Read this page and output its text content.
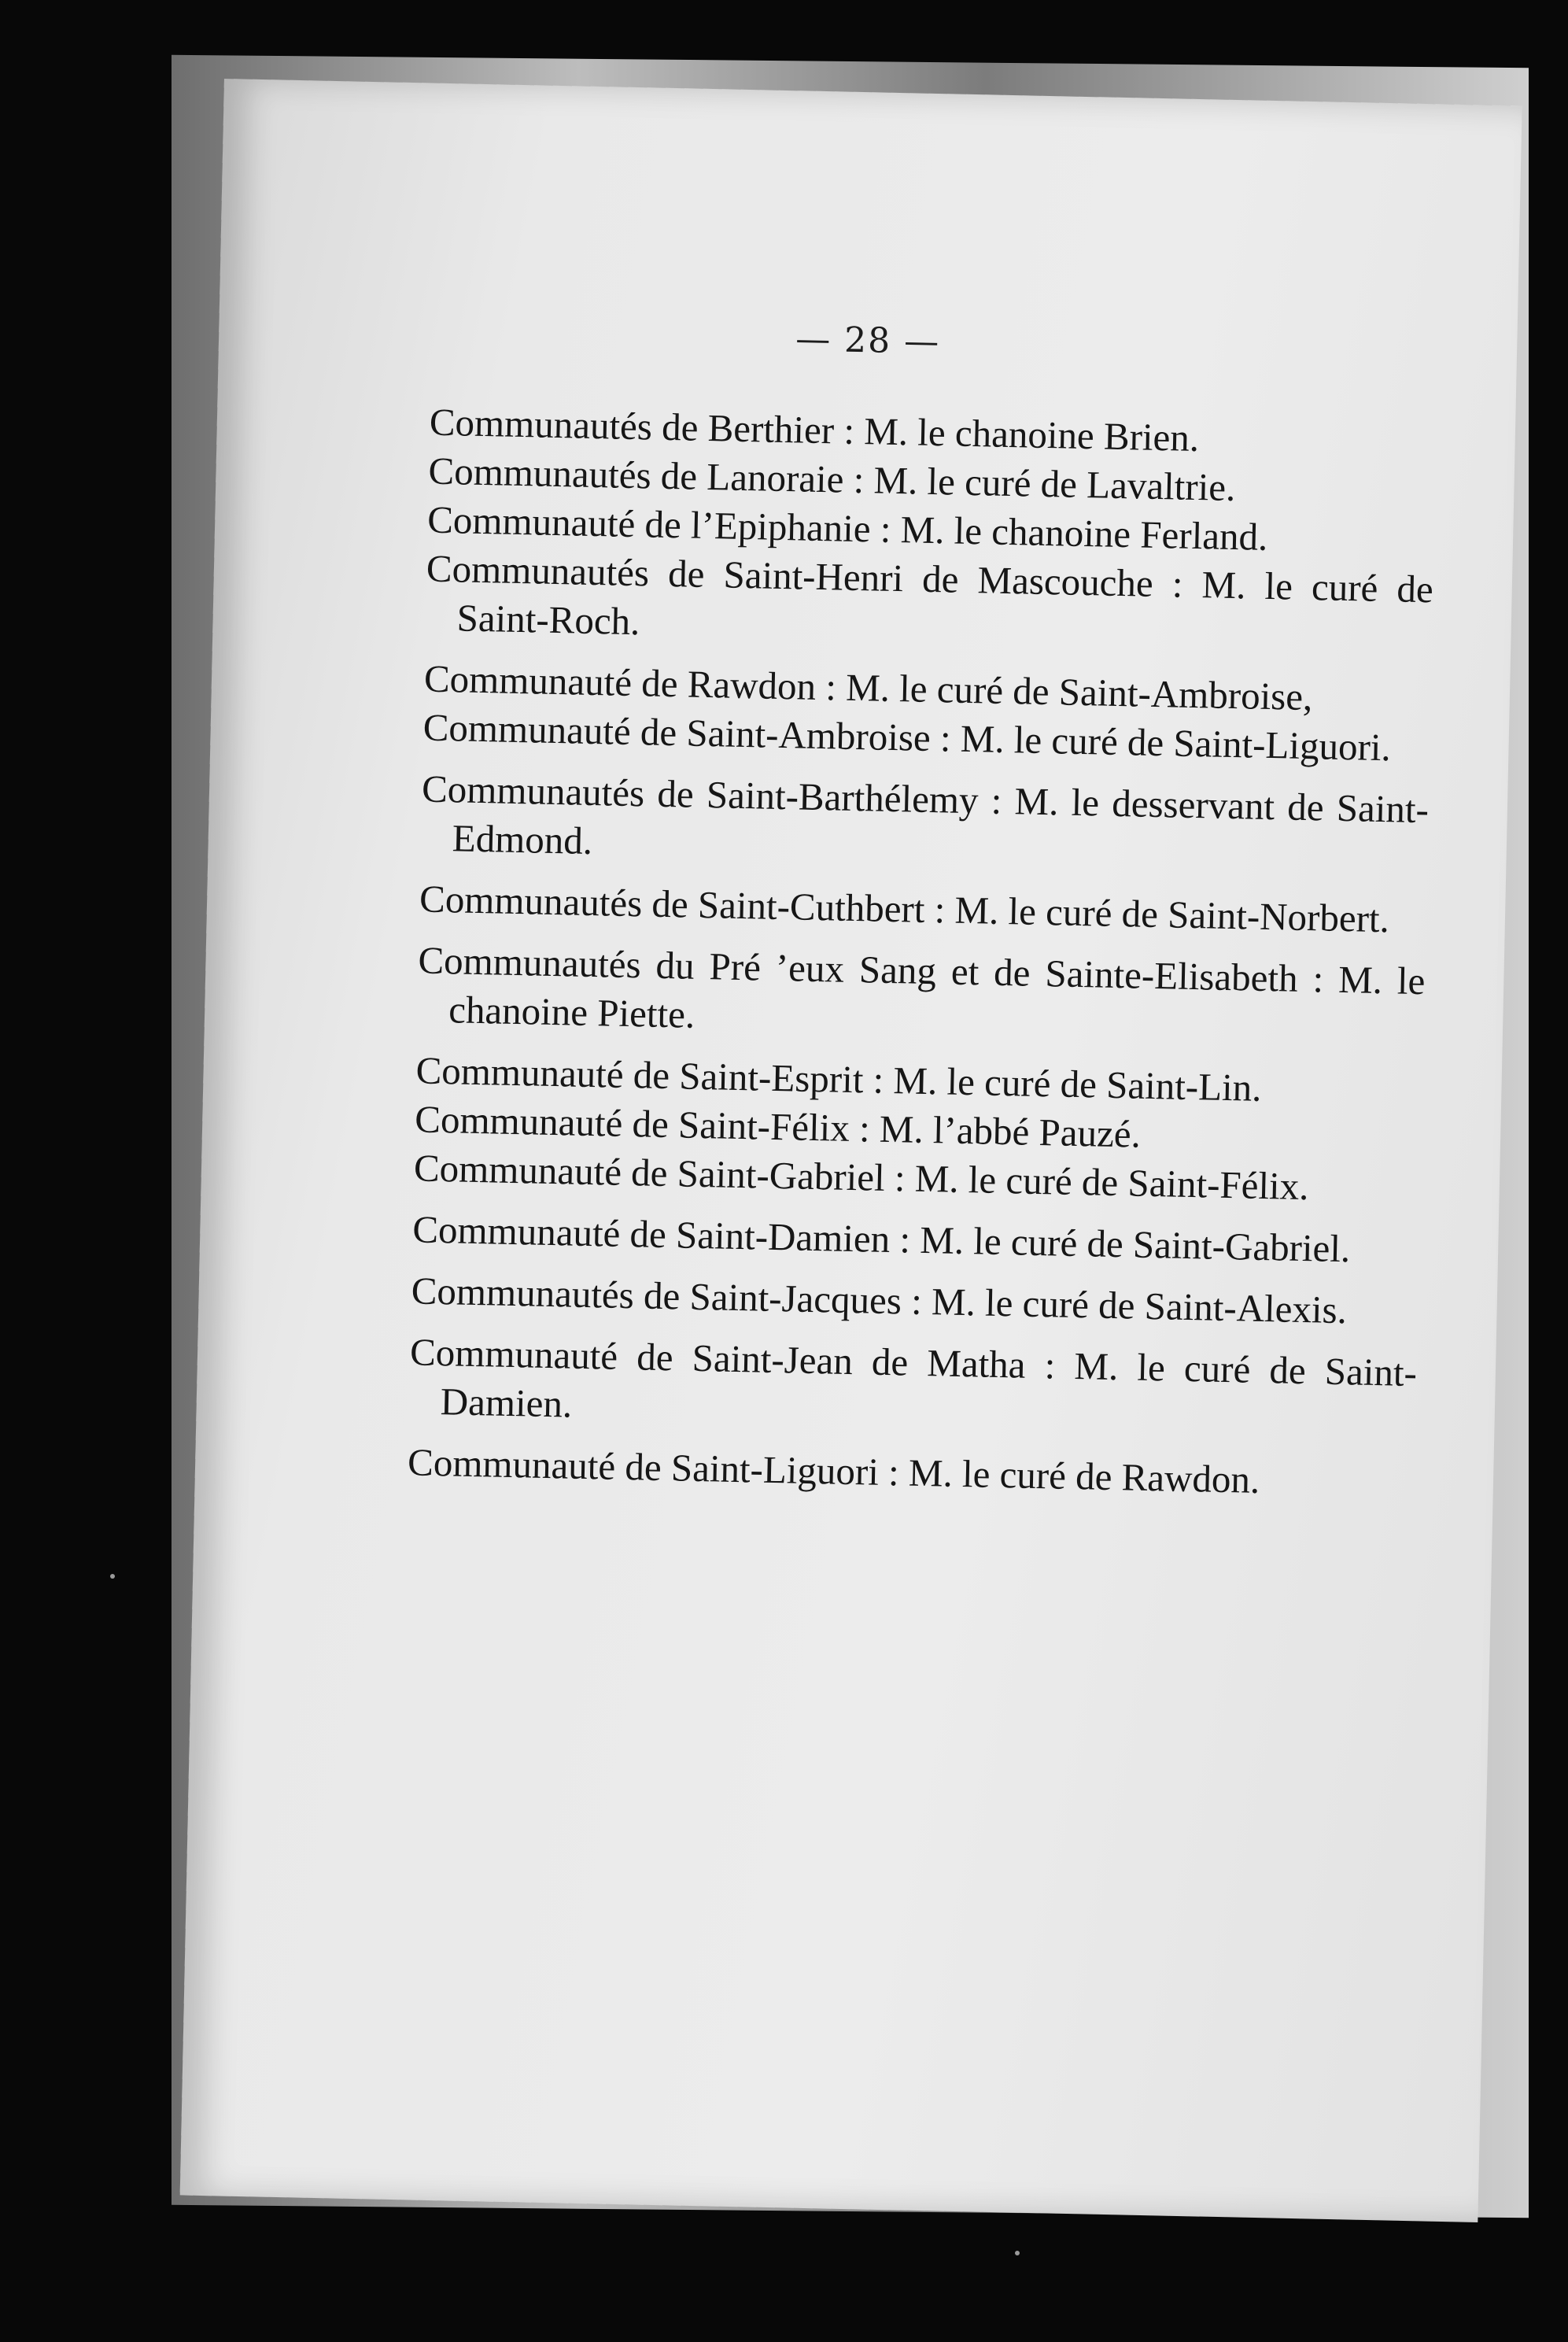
— 28 —

Communautés de Berthier : M. le chanoine Brien.

Communautés de Lanoraie : M. le curé de Lavaltrie.

Communauté de l’Epiphanie : M. le chanoine Ferland.

Communautés de Saint-Henri de Mascouche : M. le curé de Saint-Roch.

Communauté de Rawdon : M. le curé de Saint-Ambroise,

Communauté de Saint-Ambroise : M. le curé de Saint-Liguori.

Communautés de Saint-Barthélemy : M. le desservant de Saint-Edmond.

Communautés de Saint-Cuthbert : M. le curé de Saint-Norbert.

Communautés du Pré ’eux Sang et de Sainte-Elisabeth : M. le chanoine Piette.

Communauté de Saint-Esprit : M. le curé de Saint-Lin.

Communauté de Saint-Félix : M. l’abbé Pauzé.

Communauté de Saint-Gabriel : M. le curé de Saint-Félix.

Communauté de Saint-Damien : M. le curé de Saint-Gabriel.

Communautés de Saint-Jacques : M. le curé de Saint-Alexis.

Communauté de Saint-Jean de Matha : M. le curé de Saint-Damien.

Communauté de Saint-Liguori : M. le curé de Rawdon.
